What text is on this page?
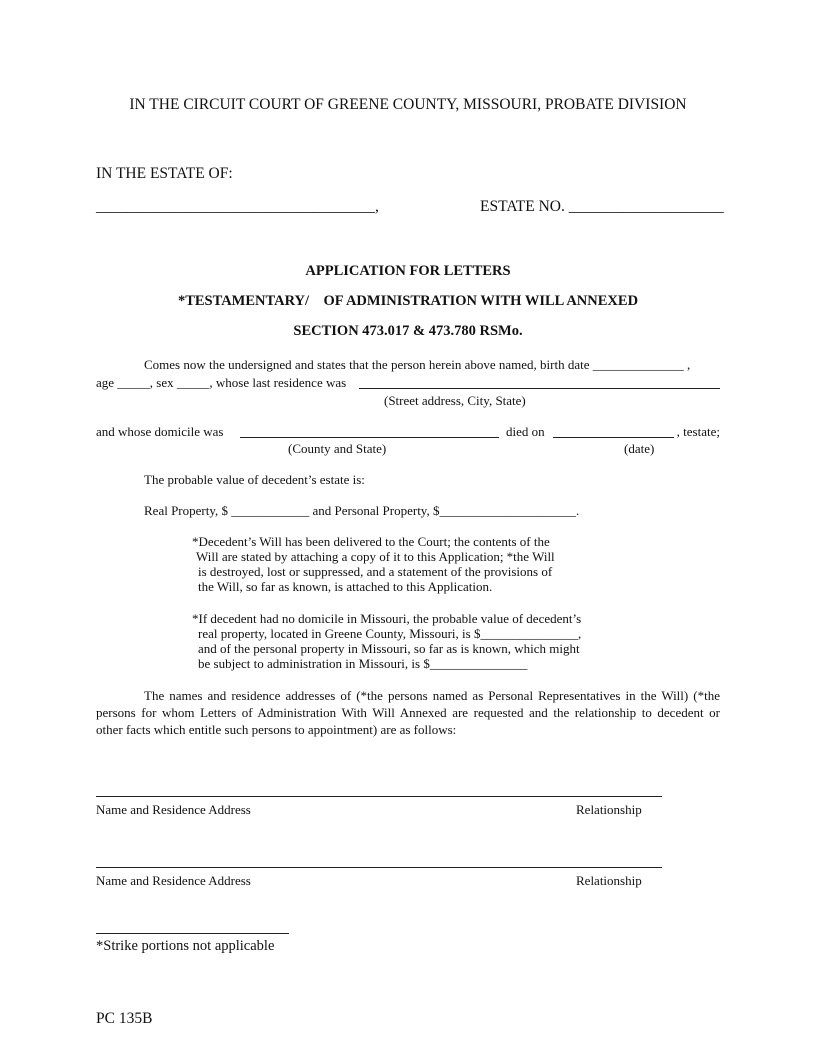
IN THE CIRCUIT COURT OF GREENE COUNTY, MISSOURI, PROBATE DIVISION
IN THE ESTATE OF:
____________________________________,	ESTATE NO. ____________________
APPLICATION FOR LETTERS
*TESTAMENTARY/    OF ADMINISTRATION WITH WILL ANNEXED
SECTION 473.017 & 473.780 RSMo.
Comes now the undersigned and states that the person herein above named, birth date ______________ ,
age _____, sex _____, whose last residence was
(Street address, City, State)
and whose domicile was	died on	, testate;
(County and State)	(date)
The probable value of decedent’s estate is:
Real Property, $ ____________ and Personal Property, $_____________________.
*Decedent’s Will has been delivered to the Court; the contents of the
Will are stated by attaching a copy of it to this Application; *the Will
is destroyed, lost or suppressed, and a statement of the provisions of
the Will, so far as known, is attached to this Application.
*If decedent had no domicile in Missouri, the probable value of decedent’s
real property, located in Greene County, Missouri, is $_______________,
and of the personal property in Missouri, so far as is known, which might
be subject to administration in Missouri, is $_______________
The names and residence addresses of (*the persons named as Personal Representatives in the Will) (*the
persons for whom Letters of Administration With Will Annexed are requested and the relationship to decedent or
other facts which entitle such persons to appointment) are as follows:
Name and Residence Address	Relationship
Name and Residence Address	Relationship
*Strike portions not applicable
PC 135B
